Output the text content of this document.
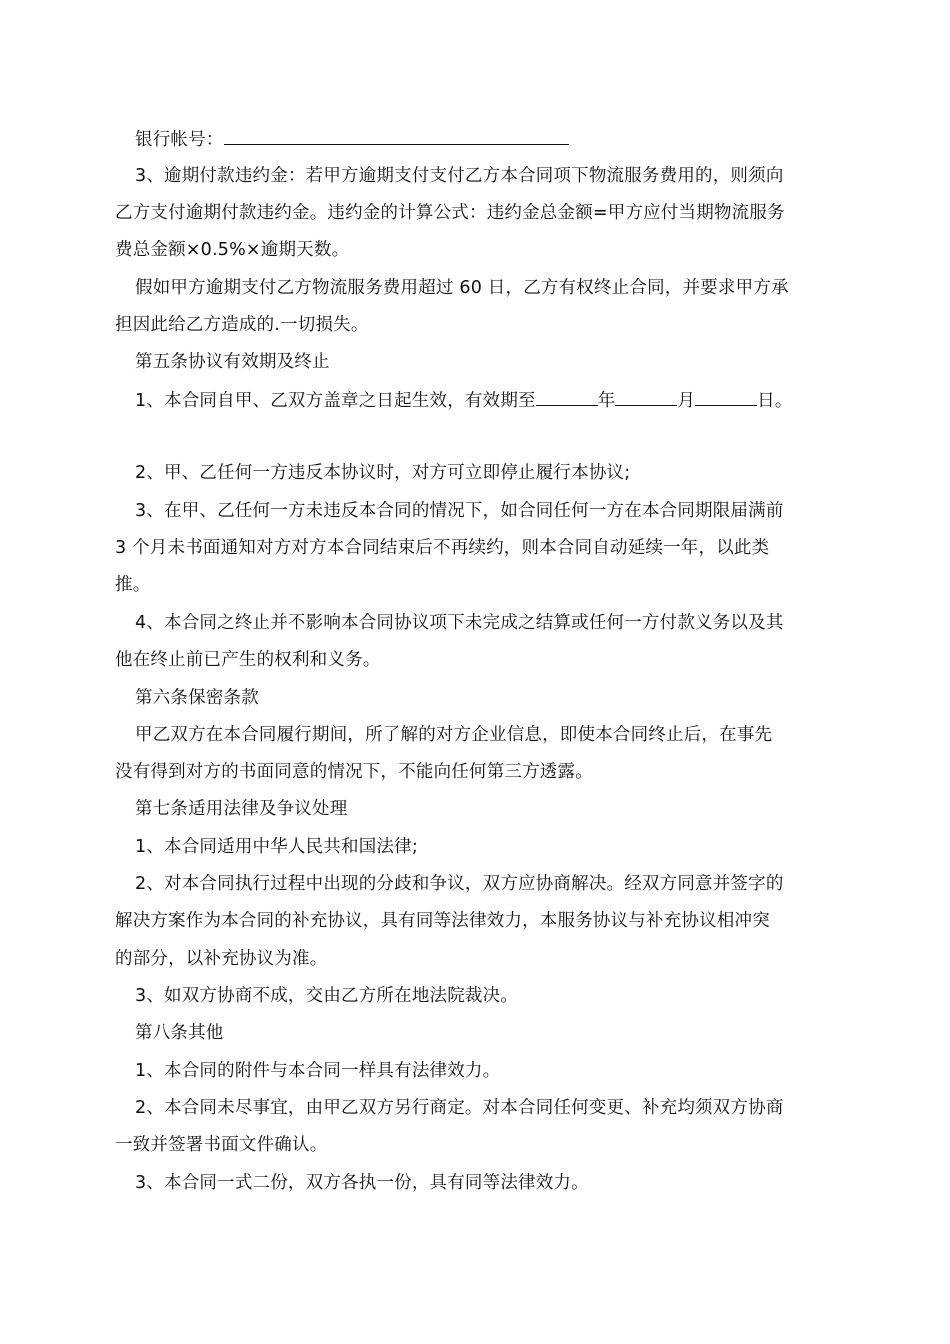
银行帐号：
3、逾期付款违约金：若甲方逾期支付支付乙方本合同项下物流服务费用的，则须向
乙方支付逾期付款违约金。违约金的计算公式：违约金总金额=甲方应付当期物流服务
费总金额×0.5%×逾期天数。
假如甲方逾期支付乙方物流服务费用超过 60 日，乙方有权终止合同，并要求甲方承
担因此给乙方造成的.一切损失。
第五条协议有效期及终止
1、本合同自甲、乙双方盖章之日起生效，有效期至	年	月	日。
2、甲、乙任何一方违反本协议时，对方可立即停止履行本协议;
3、在甲、乙任何一方未违反本合同的情况下，如合同任何一方在本合同期限届满前
3 个月未书面通知对方对方本合同结束后不再续约，则本合同自动延续一年，以此类
推。
4、本合同之终止并不影响本合同协议项下未完成之结算或任何一方付款义务以及其
他在终止前已产生的权利和义务。
第六条保密条款
甲乙双方在本合同履行期间，所了解的对方企业信息，即使本合同终止后，在事先
没有得到对方的书面同意的情况下，不能向任何第三方透露。
第七条适用法律及争议处理
1、本合同适用中华人民共和国法律;
2、对本合同执行过程中出现的分歧和争议，双方应协商解决。经双方同意并签字的
解决方案作为本合同的补充协议，具有同等法律效力，本服务协议与补充协议相冲突
的部分，以补充协议为准。
3、如双方协商不成，交由乙方所在地法院裁决。
第八条其他
1、本合同的附件与本合同一样具有法律效力。
2、本合同未尽事宜，由甲乙双方另行商定。对本合同任何变更、补充均须双方协商
一致并签署书面文件确认。
3、本合同一式二份，双方各执一份，具有同等法律效力。
